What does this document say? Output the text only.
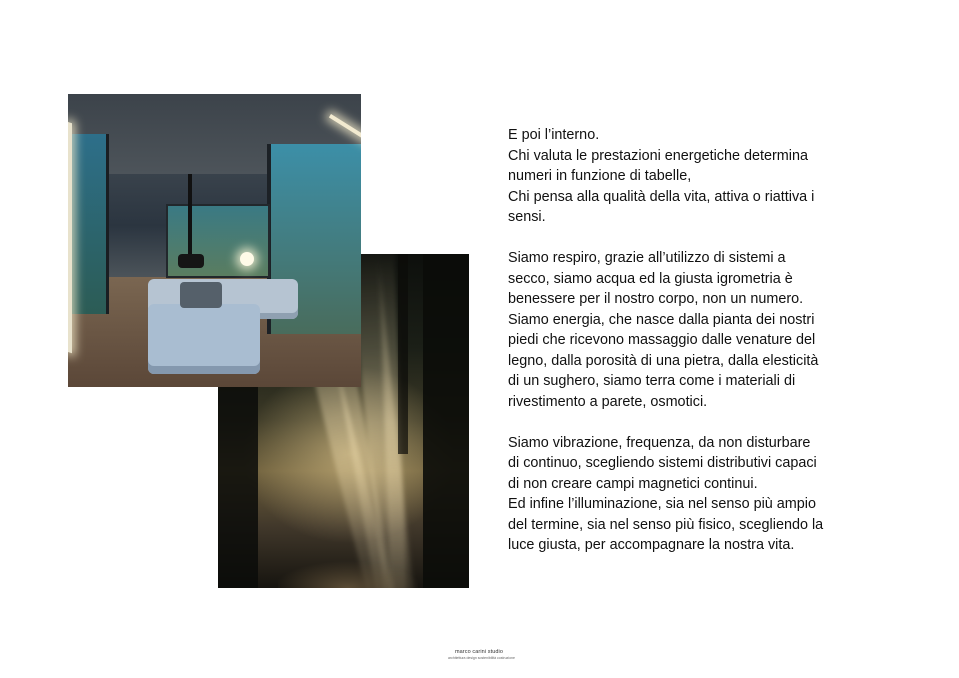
E poi l’interno.
Chi valuta le prestazioni energetiche determina
numeri in funzione di tabelle,
Chi pensa alla qualità della vita, attiva o riattiva i
sensi.
Siamo respiro, grazie all’utilizzo di sistemi a
secco, siamo acqua ed la giusta igrometria è
benessere per il nostro corpo, non un numero.
Siamo energia, che nasce dalla pianta dei nostri
piedi che ricevono massaggio dalle venature del
legno, dalla porosità di una pietra, dalla elesticità
di un sughero, siamo terra come i materiali di
rivestimento a parete, osmotici.
Siamo vibrazione, frequenza, da non disturbare
di continuo, scegliendo sistemi distributivi capaci
di non creare campi magnetici continui.
Ed infine l’illuminazione, sia nel senso più ampio
del termine, sia nel senso più fisico, scegliendo la
luce giusta, per accompagnare la nostra vita.
marco carini studio
architettura design sostenibilità costruzione
